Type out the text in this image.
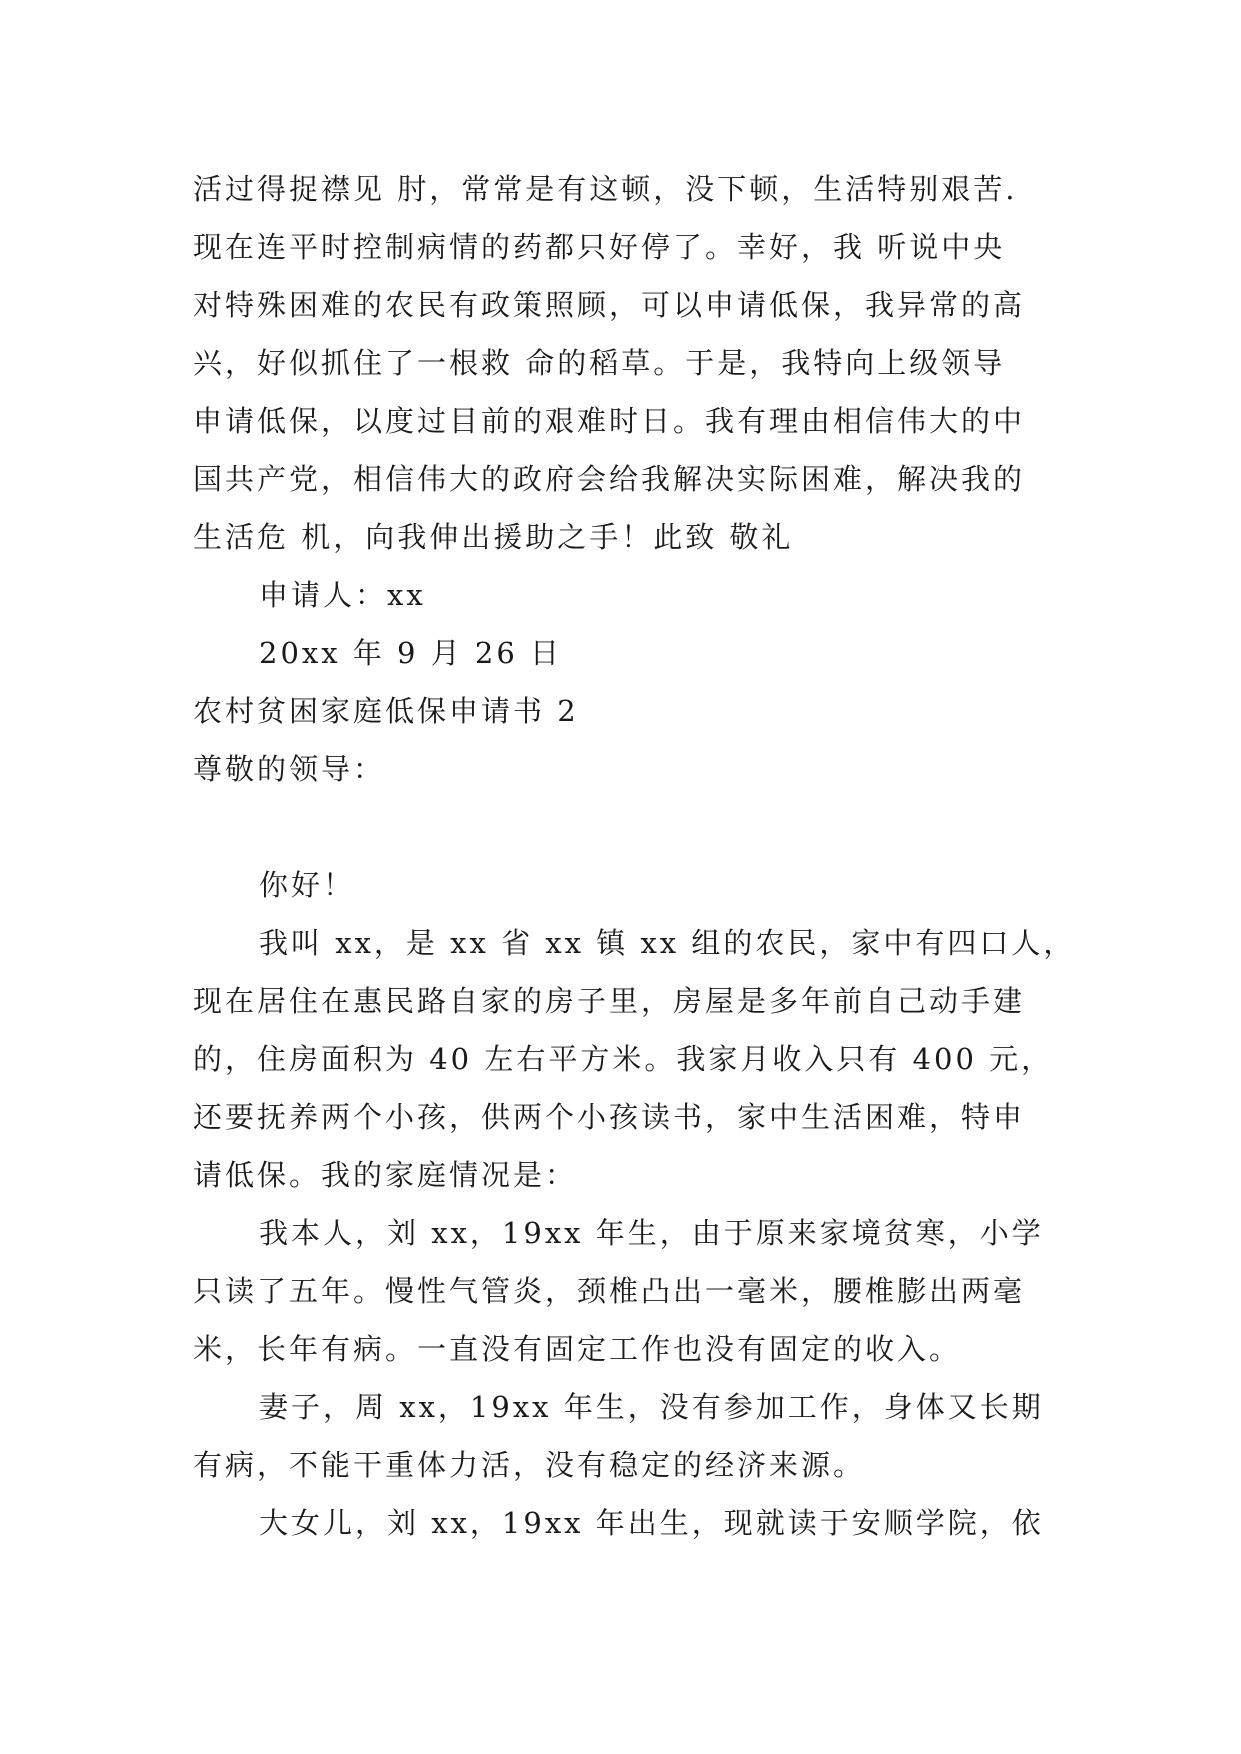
活过得捉襟见 肘，常常是有这顿，没下顿，生活特别艰苦.
现在连平时控制病情的药都只好停了。幸好，我 听说中央
对特殊困难的农民有政策照顾，可以申请低保，我异常的高
兴，好似抓住了一根救 命的稻草。于是，我特向上级领导
申请低保，以度过目前的艰难时日。我有理由相信伟大的中
国共产党，相信伟大的政府会给我解决实际困难，解决我的
生活危 机，向我伸出援助之手！此致 敬礼
申请人：xx
20xx 年 9 月 26 日
农村贫困家庭低保申请书 2
尊敬的领导：
你好！
我叫 xx，是 xx 省 xx 镇 xx 组的农民，家中有四口人，
现在居住在惠民路自家的房子里，房屋是多年前自己动手建
的，住房面积为 40 左右平方米。我家月收入只有 400 元，
还要抚养两个小孩，供两个小孩读书，家中生活困难，特申
请低保。我的家庭情况是：
我本人，刘 xx，19xx 年生，由于原来家境贫寒，小学
只读了五年。慢性气管炎，颈椎凸出一毫米，腰椎膨出两毫
米，长年有病。一直没有固定工作也没有固定的收入。
妻子，周 xx，19xx 年生，没有参加工作，身体又长期
有病，不能干重体力活，没有稳定的经济来源。
大女儿，刘 xx，19xx 年出生，现就读于安顺学院，依
